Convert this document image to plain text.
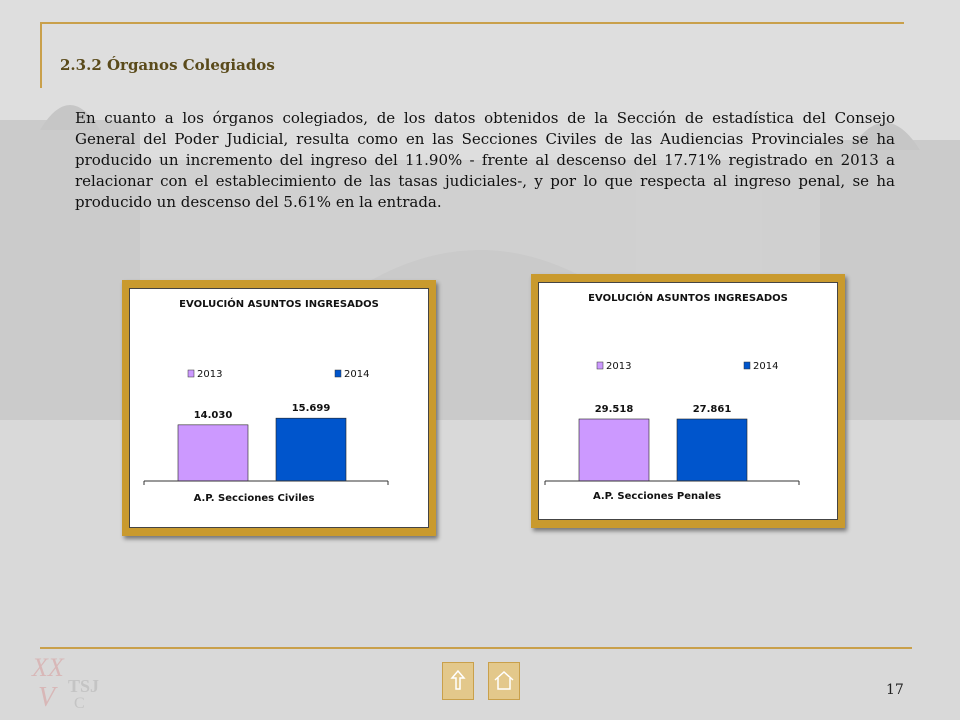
2.3.2 Órganos Colegiados
En cuanto a los órganos colegiados, de los datos obtenidos de la Sección de estadística del Consejo General del Poder Judicial, resulta como en las Secciones Civiles de las Audiencias Provinciales se ha producido un incremento del ingreso del 11.90% - frente al descenso del 17.71% registrado en 2013 a relacionar con el establecimiento de las tasas judiciales-, y por lo que respecta al ingreso penal, se ha producido un descenso del 5.61% en la entrada.
EVOLUCIÓN ASUNTOS INGRESADOS
2013	2014
14.030
15.699
A.P. Secciones Civiles
EVOLUCIÓN ASUNTOS INGRESADOS
2013	2014
29.518	27.861
A.P. Secciones Penales
XX
V TSJ
C
17
